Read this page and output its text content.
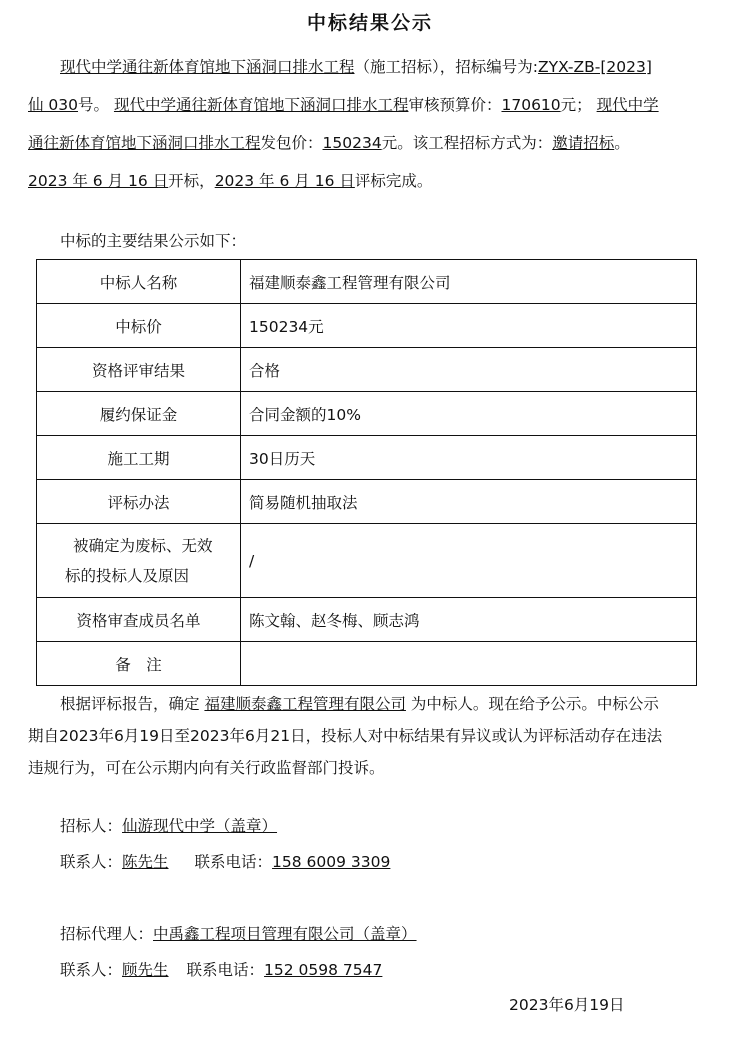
中标结果公示
现代中学通往新体育馆地下涵洞口排水工程（施工招标），招标编号为:ZYX-ZB-[2023]仙 030号。 现代中学通往新体育馆地下涵洞口排水工程审核预算价：170610元； 现代中学通往新体育馆地下涵洞口排水工程发包价：150234元。该工程招标方式为：邀请招标。2023 年 6 月 16 日开标，2023 年 6 月 16 日评标完成。
中标的主要结果公示如下：
中标人名称	福建顺泰鑫工程管理有限公司
中标价	150234元
资格评审结果	合格
履约保证金	合同金额的10%
施工工期	30日历天
评标办法	简易随机抽取法

被确定为废标、无效
标的投标人及原因	/
资格审查成员名单	陈文翰、赵冬梅、顾志鸿
备　注	
根据评标报告，确定 福建顺泰鑫工程管理有限公司 为中标人。现在给予公示。中标公示期自2023年6月19日至2023年6月21日，投标人对中标结果有异议或认为评标活动存在违法违规行为，可在公示期内向有关行政监督部门投诉。
招标人：仙游现代中学（盖章）
联系人：陈先生 联系电话：158 6009 3309
招标代理人：中禹鑫工程项目管理有限公司（盖章）
联系人：顾先生 联系电话：152 0598 7547
2023年6月19日
